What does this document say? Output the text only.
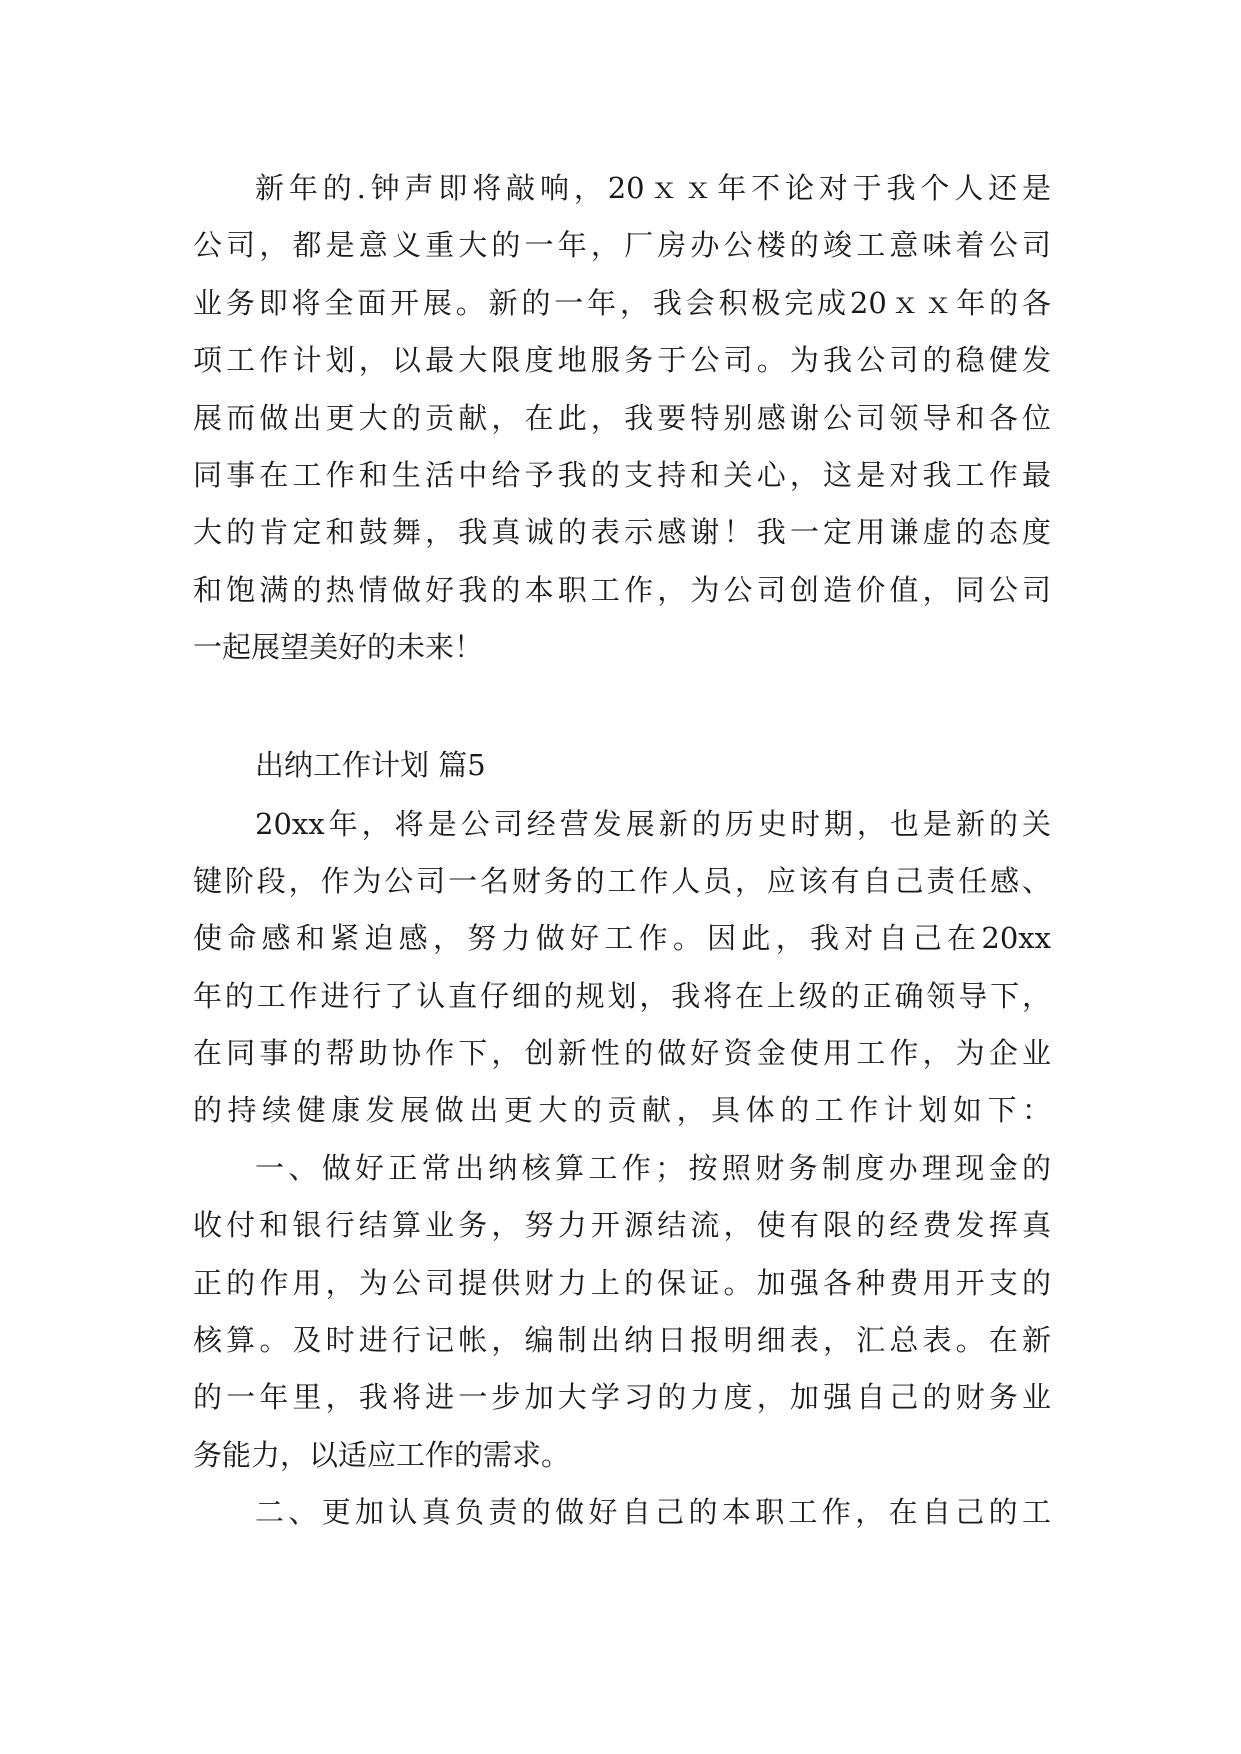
新年的.钟声即将敲响，20ｘｘ年不论对于我个人还是
公司，都是意义重大的一年，厂房办公楼的竣工意味着公司
业务即将全面开展。新的一年，我会积极完成20ｘｘ年的各
项工作计划，以最大限度地服务于公司。为我公司的稳健发
展而做出更大的贡献，在此，我要特别感谢公司领导和各位
同事在工作和生活中给予我的支持和关心，这是对我工作最
大的肯定和鼓舞，我真诚的表示感谢！我一定用谦虚的态度
和饱满的热情做好我的本职工作，为公司创造价值，同公司
一起展望美好的未来！
出纳工作计划 篇5
20xx年，将是公司经营发展新的历史时期，也是新的关
键阶段，作为公司一名财务的工作人员，应该有自己责任感、
使命感和紧迫感，努力做好工作。因此，我对自己在20xx
年的工作进行了认直仔细的规划，我将在上级的正确领导下，
在同事的帮助协作下，创新性的做好资金使用工作，为企业
的持续健康发展做出更大的贡献，具体的工作计划如下：
一、做好正常出纳核算工作；按照财务制度办理现金的
收付和银行结算业务，努力开源结流，使有限的经费发挥真
正的作用，为公司提供财力上的保证。加强各种费用开支的
核算。及时进行记帐，编制出纳日报明细表，汇总表。在新
的一年里，我将进一步加大学习的力度，加强自己的财务业
务能力，以适应工作的需求。
二、更加认真负责的做好自己的本职工作，在自己的工
